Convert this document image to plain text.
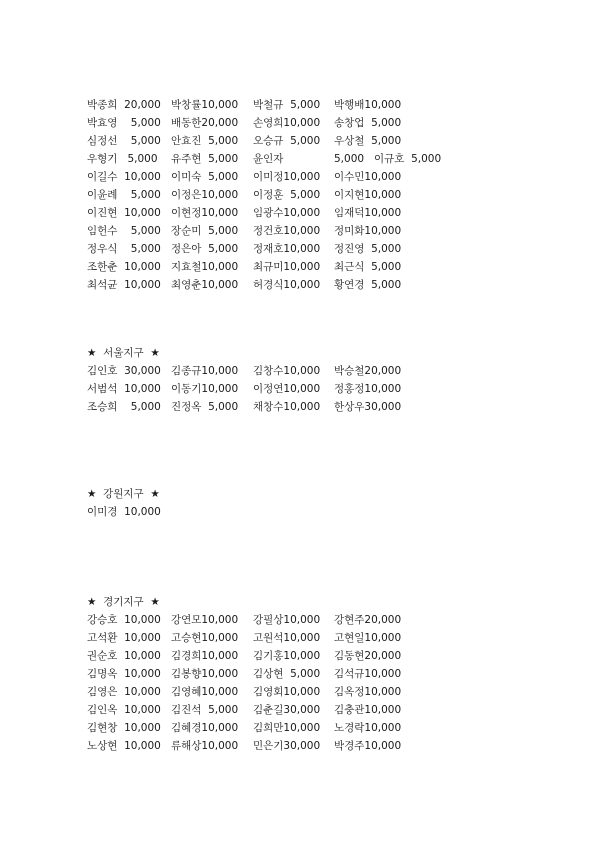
박종희  20,000

박창률10,000

박철규  5,000

박행배10,000

박효영    5,000

배동한20,000

손영희10,000

송창업  5,000

심정선    5,000

안효진  5,000

오승규  5,000

우상철  5,000

우형기   5,000

유주현  5,000

윤인자

	5,000

이규호  5,000

이길수  10,000

이미숙  5,000

이미정10,000

이수민10,000

이윤례    5,000

이정은10,000

이정훈  5,000

이지현10,000

이진현  10,000

이현정10,000

임광수10,000

임재덕10,000

임헌수    5,000

장순미  5,000

정건호10,000

정미화10,000

정우식    5,000

정은아  5,000

정재호10,000

정진영  5,000

조한춘  10,000

지효철10,000

최규미10,000

최근식  5,000

최석균  10,000

최영춘10,000

허경식10,000

황연경  5,000

★  서울지구  ★

김인호  30,000

김종규10,000

김창수10,000

박승철20,000

서범석  10,000

이동기10,000

이정연10,000

정홍정10,000

조승희    5,000

진정옥  5,000

채창수10,000

한상우30,000

★  강원지구  ★

이미경  10,000

★  경기지구  ★

강승호  10,000

강연모10,000

강필상10,000

강현주20,000

고석환  10,000

고승현10,000

고원석10,000

고현일10,000

권순호  10,000

김경희10,000

김기홍10,000

김동현20,000

김명옥  10,000

김봉향10,000

김상현  5,000

김석규10,000

김영은  10,000

김영혜10,000

김영회10,000

김옥정10,000

김인옥  10,000

김진석  5,000

김춘길30,000

김충관10,000

김현창  10,000

김혜경10,000

김희만10,000

노경락10,000

노상현  10,000

류해상10,000

민은기30,000

박경주10,000
